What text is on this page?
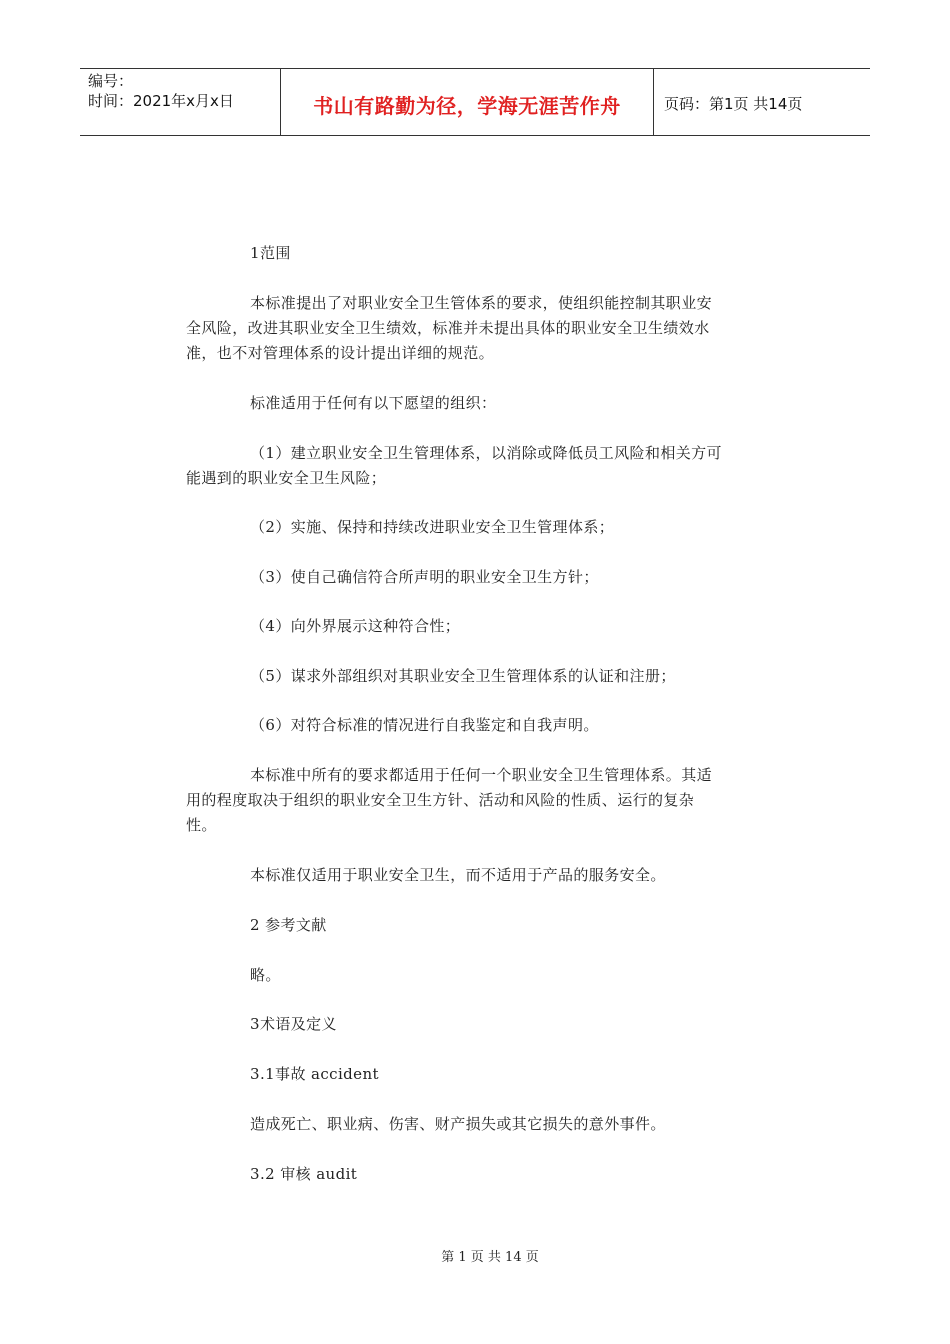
编号：
时间：2021年x月x日	书山有路勤为径，学海无涯苦作舟	页码：第1页 共14页
1范围
本标准提出了对职业安全卫生管体系的要求，使组织能控制其职业安
全风险，改进其职业安全卫生绩效，标准并未提出具体的职业安全卫生绩效水
准，也不对管理体系的设计提出详细的规范。
标准适用于任何有以下愿望的组织：
（1）建立职业安全卫生管理体系，以消除或降低员工风险和相关方可
能遇到的职业安全卫生风险；
（2）实施、保持和持续改进职业安全卫生管理体系；
（3）使自己确信符合所声明的职业安全卫生方针；
（4）向外界展示这种符合性；
（5）谋求外部组织对其职业安全卫生管理体系的认证和注册；
（6）对符合标准的情况进行自我鉴定和自我声明。
本标准中所有的要求都适用于任何一个职业安全卫生管理体系。其适
用的程度取决于组织的职业安全卫生方针、活动和风险的性质、运行的复杂
性。
本标准仅适用于职业安全卫生，而不适用于产品的服务安全。
2 参考文献
略。
3术语及定义
3.1事故 accident
造成死亡、职业病、伤害、财产损失或其它损失的意外事件。
3.2 审核 audit
第 1 页 共 14 页
